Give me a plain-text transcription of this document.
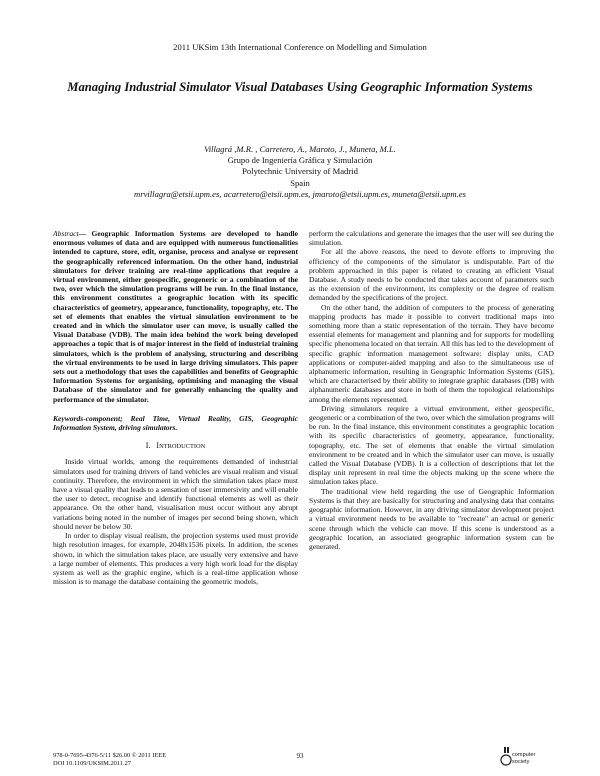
2011 UKSim 13th International Conference on Modelling and Simulation
Managing Industrial Simulator Visual Databases Using Geographic Information Systems
Villagrá ,M.R. , Carretero, A., Maroto, J., Muneta, M.L.
Grupo de Ingeniería Gráfica y Simulación
Polytechnic University of Madrid
Spain
mrvillagra@etsii.upm.es, acarretero@etsii.upm.es, jmaroto@etsii.upm.es, muneta@etsii.upm.es

Abstract— Geographic Information Systems are developed to handle enormous volumes of data and are equipped with numerous functionalities intended to capture, store, edit, organise, process and analyse or represent the geographically referenced information. On the other hand, industrial simulators for driver training are real-time applications that require a virtual environment, either geospecific, geogeneric or a combination of the two, over which the simulation programs will be run. In the final instance, this environment constitutes a geographic location with its specific characteristics of geometry, appearance, functionality, topography, etc. The set of elements that enables the virtual simulation environment to be created and in which the simulator user can move, is usually called the Visual Database (VDB). The main idea behind the work being developed approaches a topic that is of major interest in the field of industrial training simulators, which is the problem of analysing, structuring and describing the virtual environments to be used in large driving simulators. This paper sets out a methodology that uses the capabilities and benefits of Geographic Information Systems for organising, optimising and managing the visual Database of the simulator and for generally enhancing the quality and performance of the simulator.

Keywords-component; Real Time, Virtual Reality, GIS, Geographic Information System, driving simulators.

I. INTRODUCTION

Inside virtual worlds, among the requirements demanded of industrial simulators used for training drivers of land vehicles are visual realism and visual continuity. Therefore, the environment in which the simulation takes place must have a visual quality that leads to a sensation of user immersivity and will enable the user to detect, recognise and identify functional elements as well as their appearance. On the other hand, visualisation must occur without any abrupt variations being noted in the number of images per second being shown, which should never be below 30.

In order to display visual realism, the projection systems used must provide high resolution images, for example, 2048x1536 pixels. In addition, the scenes shown, in which the simulation takes place, are usually very extensive and have a large number of elements. This produces a very high work load for the display system as well as the graphic engine, which is a real-time application whose mission is to manage the database containing the geometric models,

perform the calculations and generate the images that the user will see during the simulation.

For all the above reasons, the need to devote efforts to improving the efficiency of the components of the simulator is undisputable. Part of the problem approached in this paper is related to creating an efficient Visual Database. A study needs to be conducted that takes account of parameters such as the extension of the environment, its complexity or the degree of realism demanded by the specifications of the project.

On the other hand, the addition of computers to the process of generating mapping products has made it possible to convert traditional maps into something more than a static representation of the terrain. They have become essential elements for management and planning and for supports for modelling specific phenomena located on that terrain. All this has led to the development of specific graphic information management software: display units, CAD applications or computer-aided mapping and also to the simultaneous use of alphanumeric information, resulting in Geographic Information Systems (GIS), which are characterised by their ability to integrate graphic databases (DB) with alphanumeric databases and store in both of them the topological relationships among the elements represented.

Driving simulators require a virtual environment, either geospecific, geogeneric or a combination of the two, over which the simulation programs will be run. In the final instance, this environment constitutes a geographic location with its specific characteristics of geometry, appearance, functionality, topography, etc. The set of elements that enable the virtual simulation environment to be created and in which the simulator user can move, is usually called the Visual Database (VDB). It is a collection of descriptions that let the display unit represent in real time the objects making up the scene where the simulation takes place.

The traditional view held regarding the use of Geographic Information Systems is that they are basically for structuring and analysing data that contains geographic information. However, in any driving simulator development project a virtual environment needs to be available to "recreate" an actual or generic scene through which the vehicle can move. If this scene is understood as a geographic location, an associated geographic information system can be generated.

978-0-7695-4376-5/11 $26.00 © 2011 IEEE
DOI 10.1109/UKSIM.2011.27
93	computer
society
